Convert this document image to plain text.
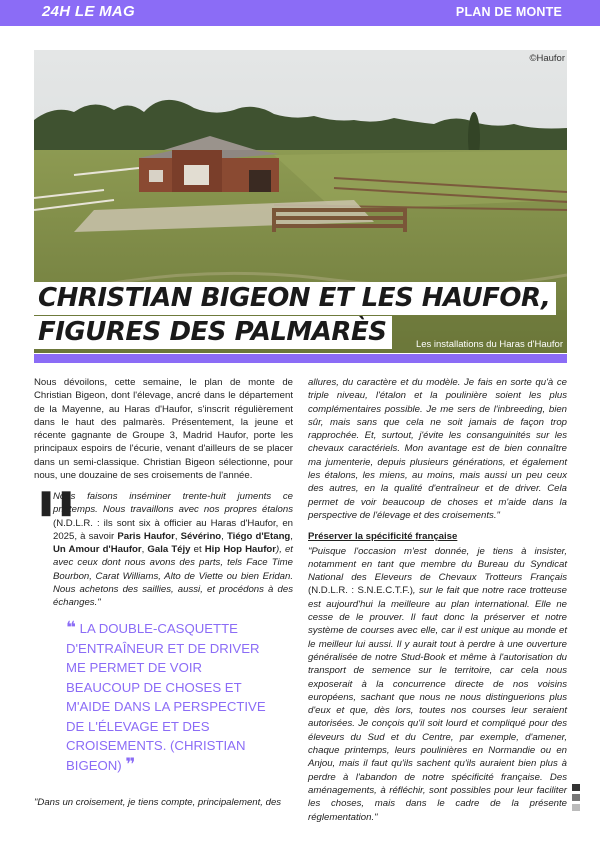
24H LE MAG	PLAN DE MONTE
©Haufor
Les installations du Haras d'Haufor
CHRISTIAN BIGEON ET LES HAUFOR,
FIGURES DES PALMARÈS
Nous dévoilons, cette semaine, le plan de monte de Christian Bigeon, dont l'élevage, ancré dans le département de la Mayenne, au Haras d'Haufor, s'inscrit régulièrement dans le haut des palmarès. Présentement, la jeune et récente gagnante de Groupe 3, Madrid Haufor, porte les principaux espoirs de l'écurie, venant d'ailleurs de se placer dans un semi-classique. Christian Bigeon sélectionne, pour nous, une douzaine de ses croisements de l'année.
❚❚
Nous faisons inséminer trente-huit juments ce printemps. Nous travaillons avec nos propres étalons (N.D.L.R. : ils sont six à officier au Haras d'Haufor, en 2025, à savoir Paris Haufor, Sévérino, Tiégo d'Etang, Un Amour d'Haufor, Gala Téjy et Hip Hop Haufor), et avec ceux dont nous avons des parts, tels Face Time Bourbon, Carat Williams, Alto de Viette ou bien Eridan. Nous achetons des saillies, aussi, et procédons à des échanges."
❝ LA DOUBLE-CASQUETTE D'ENTRAÎNEUR ET DE DRIVER ME PERMET DE VOIR BEAUCOUP DE CHOSES ET M'AIDE DANS LA PERSPECTIVE DE L'ÉLEVAGE ET DES CROISEMENTS. (CHRISTIAN BIGEON) ❞
"Dans un croisement, je tiens compte, principalement, des
allures, du caractère et du modèle. Je fais en sorte qu'à ce triple niveau, l'étalon et la poulinière soient les plus complémentaires possible. Je me sers de l'inbreeding, bien sûr, mais sans que cela ne soit jamais de façon trop rapprochée. Et, surtout, j'évite les consanguinités sur les chevaux caractériels. Mon avantage est de bien connaître ma jumenterie, depuis plusieurs générations, et également les étalons, les miens, au moins, mais aussi un peu ceux des autres, en la qualité d'entraîneur et de driver. Cela permet de voir beaucoup de choses et m'aide dans la perspective de l'élevage et des croisements."
Préserver la spécificité française
"Puisque l'occasion m'est donnée, je tiens à insister, notamment en tant que membre du Bureau du Syndicat National des Eleveurs de Chevaux Trotteurs Français (N.D.L.R. : S.N.E.C.T.F.), sur le fait que notre race trotteuse est aujourd'hui la meilleure au plan international. Elle ne cesse de le prouver. Il faut donc la préserver et notre système de courses avec elle, car il est unique au monde et le meilleur lui aussi. Il y aurait tout à perdre à une ouverture généralisée de notre Stud-Book et même à l'autorisation du transport de semence sur le territoire, car cela nous exposerait à la concurrence directe de nos voisins européens, sachant que nous ne nous distinguerions plus d'eux et que, dès lors, toutes nos courses leur seraient autorisées. Je conçois qu'il soit lourd et compliqué pour des éleveurs du Sud et du Centre, par exemple, d'amener, chaque printemps, leurs poulinières en Normandie ou en Anjou, mais il faut qu'ils sachent qu'ils auraient bien plus à perdre à l'abandon de notre spécificité française. Des aménagements, à réfléchir, sont possibles pour leur faciliter les choses, mais dans le cadre de la présente réglementation."
